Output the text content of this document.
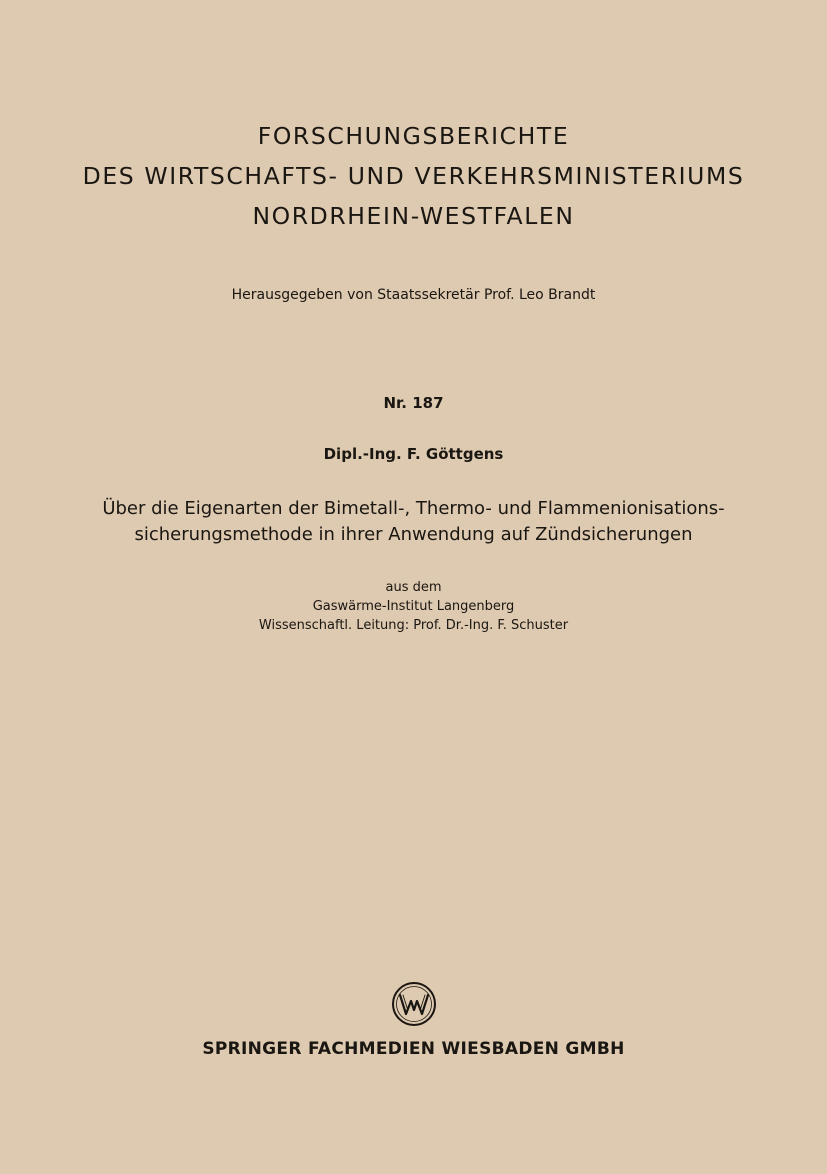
FORSCHUNGSBERICHTE
DES WIRTSCHAFTS- UND VERKEHRSMINISTERIUMS
NORDRHEIN-WESTFALEN
Herausgegeben von Staatssekretär Prof. Leo Brandt
Nr. 187
Dipl.-Ing. F. Göttgens
Über die Eigenarten der Bimetall-, Thermo- und Flammenionisations-
sicherungsmethode in ihrer Anwendung auf Zündsicherungen
aus dem
Gaswärme-Institut Langenberg
Wissenschaftl. Leitung: Prof. Dr.-Ing. F. Schuster
SPRINGER FACHMEDIEN WIESBADEN GMBH
